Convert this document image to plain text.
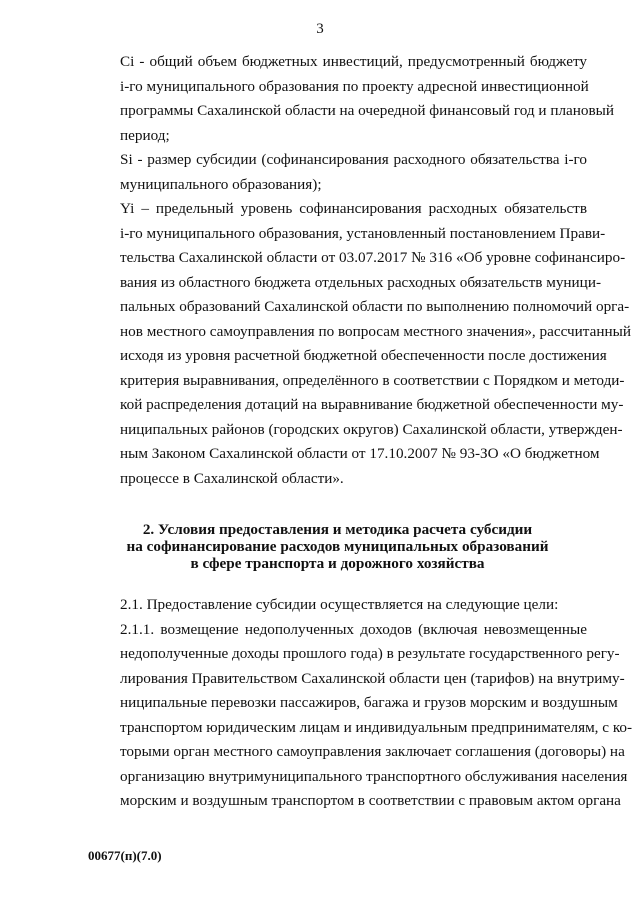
3

Ci - общий объем бюджетных инвестиций, предусмотренный бюджету
i-го муниципального образования по проекту адресной инвестиционной
программы Сахалинской области на очередной финансовый год и плановый
период;

Si - размер субсидии (софинансирования расходного обязательства i-го
муниципального образования);

Yi – предельный уровень софинансирования расходных обязательств
i-го муниципального образования, установленный постановлением Прави-
тельства Сахалинской области от 03.07.2017 № 316 «Об уровне софинансиро-
вания из областного бюджета отдельных расходных обязательств муници-
пальных образований Сахалинской области по выполнению полномочий орга-
нов местного самоуправления по вопросам местного значения», рассчитанный
исходя из уровня расчетной бюджетной обеспеченности после достижения
критерия выравнивания, определённого в соответствии с Порядком и методи-
кой распределения дотаций на выравнивание бюджетной обеспеченности му-
ниципальных районов (городских округов) Сахалинской области, утвержден-
ным Законом Сахалинской области от 17.10.2007 № 93-ЗО «О бюджетном
процессе в Сахалинской области».

2. Условия предоставления и методика расчета субсидии
на софинансирование расходов муниципальных образований
в сфере транспорта и дорожного хозяйства

2.1. Предоставление субсидии осуществляется на следующие цели:

2.1.1. возмещение недополученных доходов (включая невозмещенные
недополученные доходы прошлого года) в результате государственного регу-
лирования Правительством Сахалинской области цен (тарифов) на внутриму-
ниципальные перевозки пассажиров, багажа и грузов морским и воздушным
транспортом юридическим лицам и индивидуальным предпринимателям, с ко-
торыми орган местного самоуправления заключает соглашения (договоры) на
организацию внутримуниципального транспортного обслуживания населения
морским и воздушным транспортом в соответствии с правовым актом органа

00677(п)(7.0)
